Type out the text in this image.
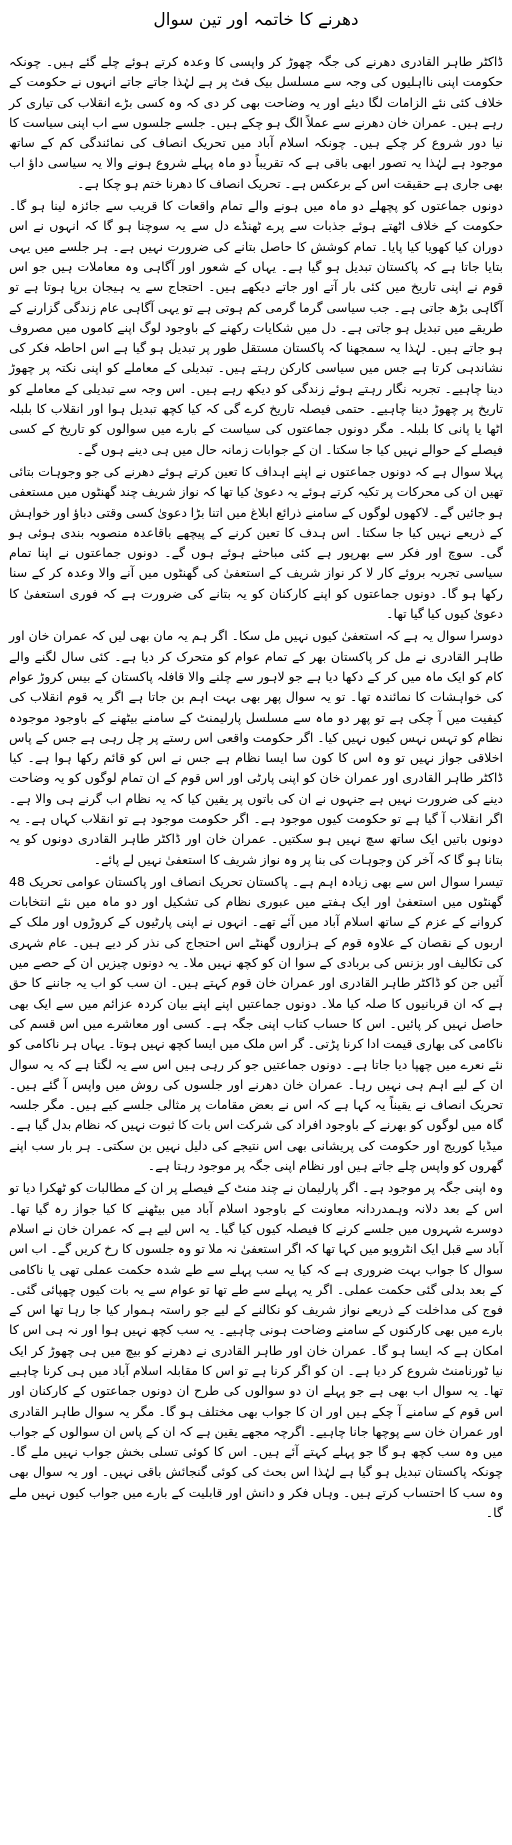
دھرنے کا خاتمہ اور تین سوال

ڈاکٹر طاہر القادری دھرنے کی جگہ چھوڑ کر واپسی کا وعدہ کرتے ہوئے چلے گئے ہیں۔ چونکہ حکومت اپنی نااہلیوں کی وجہ سے مسلسل بیک فٹ پر ہے لہٰذا جاتے جاتے انہوں نے حکومت کے خلاف کئی نئے الزامات لگا دیئے اور یہ وضاحت بھی کر دی کہ وہ کسی بڑے انقلاب کی تیاری کر رہے ہیں۔ عمران خان دھرنے سے عملاً الگ ہو چکے ہیں۔ جلسے جلسوں سے اب اپنی سیاست کا نیا دور شروع کر چکے ہیں۔ چونکہ اسلام آباد میں تحریک انصاف کی نمائندگی کم کے ساتھ موجود ہے لہٰذا یہ تصور ابھی باقی ہے کہ تقریباً دو ماہ پہلے شروع ہونے والا یہ سیاسی داؤ اب بھی جاری ہے حقیقت اس کے برعکس ہے۔ تحریک انصاف کا دھرنا ختم ہو چکا ہے۔

دونوں جماعتوں کو پچھلے دو ماہ میں ہونے والے تمام واقعات کا قریب سے جائزہ لینا ہو گا۔ حکومت کے خلاف اٹھتے ہوئے جذبات سے پرے ٹھنڈے دل سے یہ سوچنا ہو گا کہ انہوں نے اس دوران کیا کھویا کیا پایا۔ تمام کوشش کا حاصل بتانے کی ضرورت نہیں ہے۔ ہر جلسے میں یہی بتایا جاتا ہے کہ پاکستان تبدیل ہو گیا ہے۔ یہاں کے شعور اور آگاہی وہ معاملات ہیں جو اس قوم نے اپنی تاریخ میں کئی بار آتے اور جاتے دیکھے ہیں۔ احتجاج سے یہ ہیجان برپا ہوتا ہے تو آگاہی بڑھ جاتی ہے۔ جب سیاسی گرما گرمی کم ہوتی ہے تو یہی آگاہی عام زندگی گزارنے کے طریقے میں تبدیل ہو جاتی ہے۔ دل میں شکایات رکھنے کے باوجود لوگ اپنے کاموں میں مصروف ہو جاتے ہیں۔ لہٰذا یہ سمجھنا کہ پاکستان مستقل طور پر تبدیل ہو گیا ہے اس احاطہ فکر کی نشاندہی کرتا ہے جس میں سیاسی کارکن رہتے ہیں۔ تبدیلی کے معاملے کو اپنی نکتہ پر چھوڑ دینا چاہیے۔ تجربہ نگار رہتے ہوئے زندگی کو دیکھ رہے ہیں۔ اس وجہ سے تبدیلی کے معاملے کو تاریخ پر چھوڑ دینا چاہیے۔ حتمی فیصلہ تاریخ کرے گی کہ کیا کچھ تبدیل ہوا اور انقلاب کا بلبلہ اٹھا یا پانی کا بلبلہ۔ مگر دونوں جماعتوں کی سیاست کے بارے میں سوالوں کو تاریخ کے کسی فیصلے کے حوالے نہیں کیا جا سکتا۔ ان کے جوابات زمانہ حال میں ہی دینے ہوں گے۔

پہلا سوال ہے کہ دونوں جماعتوں نے اپنے اہداف کا تعین کرتے ہوئے دھرنے کی جو وجوہات بتائی تھیں ان کی محرکات پر تکیہ کرتے ہوئے یہ دعویٰ کیا تھا کہ نواز شریف چند گھنٹوں میں مستعفی ہو جائیں گے۔ لاکھوں لوگوں کے سامنے ذرائع ابلاغ میں اتنا بڑا دعویٰ کسی وقتی دباؤ اور خواہش کے ذریعے نہیں کیا جا سکتا۔ اس ہدف کا تعین کرنے کے پیچھے باقاعدہ منصوبہ بندی ہوئی ہو گی۔ سوچ اور فکر سے بھرپور ہے کئی مباحثے ہوئے ہوں گے۔ دونوں جماعتوں نے اپنا تمام سیاسی تجربہ بروئے کار لا کر نواز شریف کے استعفیٰ کی گھنٹوں میں آنے والا وعدہ کر کے سنا رکھا ہو گا۔ دونوں جماعتوں کو اپنے کارکنان کو یہ بتانے کی ضرورت ہے کہ فوری استعفیٰ کا دعویٰ کیوں کیا گیا تھا۔

دوسرا سوال یہ ہے کہ استعفیٰ کیوں نہیں مل سکا۔ اگر ہم یہ مان بھی لیں کہ عمران خان اور طاہر القادری نے مل کر پاکستان بھر کے تمام عوام کو متحرک کر دیا ہے۔ کئی سال لگنے والے کام کو ایک ماہ میں کر کے دکھا دیا ہے جو لاہور سے چلنے والا قافلہ پاکستان کے بیس کروڑ عوام کی خواہشات کا نمائندہ تھا۔ تو یہ سوال پھر بھی بہت اہم بن جاتا ہے اگر یہ قوم انقلاب کی کیفیت میں آ چکی ہے تو پھر دو ماہ سے مسلسل پارلیمنٹ کے سامنے بیٹھنے کے باوجود موجودہ نظام کو تہس نہس کیوں نہیں کیا۔ اگر حکومت واقعی اس رستے پر چل رہی ہے جس کے پاس اخلاقی جواز نہیں تو وہ اس کا کون سا ایسا نظام ہے جس نے اس کو قائم رکھا ہوا ہے۔ کیا ڈاکٹر طاہر القادری اور عمران خان کو اپنی پارٹی اور اس قوم کے ان تمام لوگوں کو یہ وضاحت دینے کی ضرورت نہیں ہے جنہوں نے ان کی باتوں پر یقین کیا کہ یہ نظام اب گرنے ہی والا ہے۔ اگر انقلاب آ گیا ہے تو حکومت کیوں موجود ہے۔ اگر حکومت موجود ہے تو انقلاب کہاں ہے۔ یہ دونوں باتیں ایک ساتھ سچ نہیں ہو سکتیں۔ عمران خان اور ڈاکٹر طاہر القادری دونوں کو یہ بتانا ہو گا کہ آخر کن وجوہات کی بنا پر وہ نواز شریف کا استعفیٰ نہیں لے پائے۔

تیسرا سوال اس سے بھی زیادہ اہم ہے۔ پاکستان تحریک انصاف اور پاکستان عوامی تحریک 48 گھنٹوں میں استعفیٰ اور ایک ہفتے میں عبوری نظام کی تشکیل اور دو ماہ میں نئے انتخابات کروانے کے عزم کے ساتھ اسلام آباد میں آئے تھے۔ انہوں نے اپنی پارٹیوں کے کروڑوں اور ملک کے اربوں کے نقصان کے علاوہ قوم کے ہزاروں گھنٹے اس احتجاج کی نذر کر دیے ہیں۔ عام شہری کی تکالیف اور بزنس کی بربادی کے سوا ان کو کچھ نہیں ملا۔ یہ دونوں چیزیں ان کے حصے میں آئیں جن کو ڈاکٹر طاہر القادری اور عمران خان قوم کہتے ہیں۔ ان سب کو اب یہ جاننے کا حق ہے کہ ان قربانیوں کا صلہ کیا ملا۔ دونوں جماعتیں اپنے اپنے بیان کردہ عزائم میں سے ایک بھی حاصل نہیں کر پائیں۔ اس کا حساب کتاب اپنی جگہ ہے۔ کسی اور معاشرے میں اس قسم کی ناکامی کی بھاری قیمت ادا کرنا پڑتی۔ گر اس ملک میں ایسا کچھ نہیں ہوتا۔ یہاں ہر ناکامی کو نئے نعرے میں چھپا دیا جاتا ہے۔ دونوں جماعتیں جو کر رہی ہیں اس سے یہ لگتا ہے کہ یہ سوال ان کے لیے اہم ہی نہیں رہا۔ عمران خان دھرنے اور جلسوں کی روش میں واپس آ گئے ہیں۔ تحریک انصاف نے یقیناً یہ کہا ہے کہ اس نے بعض مقامات پر مثالی جلسے کیے ہیں۔ مگر جلسہ گاہ میں لوگوں کو بھرنے کے باوجود افراد کی شرکت اس بات کا ثبوت نہیں کہ نظام بدل گیا ہے۔ میڈیا کوریج اور حکومت کی پریشانی بھی اس نتیجے کی دلیل نہیں بن سکتی۔ ہر بار سب اپنے گھروں کو واپس چلے جاتے ہیں اور نظام اپنی جگہ پر موجود رہتا ہے۔

وہ اپنی جگہ پر موجود ہے۔ اگر پارلیمان نے چند منٹ کے فیصلے پر ان کے مطالبات کو ٹھکرا دیا تو اس کے بعد دلانہ وہمدردانہ معاونت کے باوجود اسلام آباد میں بیٹھنے کا کیا جواز رہ گیا تھا۔ دوسرے شہروں میں جلسے کرنے کا فیصلہ کیوں کیا گیا۔ یہ اس لیے ہے کہ عمران خان نے اسلام آباد سے قبل ایک انٹرویو میں کہا تھا کہ اگر استعفیٰ نہ ملا تو وہ جلسوں کا رخ کریں گے۔ اب اس سوال کا جواب بہت ضروری ہے کہ کیا یہ سب پہلے سے طے شدہ حکمت عملی تھی یا ناکامی کے بعد بدلی گئی حکمت عملی۔ اگر یہ پہلے سے طے تھا تو عوام سے یہ بات کیوں چھپائی گئی۔ فوج کی مداخلت کے ذریعے نواز شریف کو نکالنے کے لیے جو راستہ ہموار کیا جا رہا تھا اس کے بارے میں بھی کارکنوں کے سامنے وضاحت ہونی چاہیے۔ یہ سب کچھ نہیں ہوا اور نہ ہی اس کا امکان ہے کہ ایسا ہو گا۔ عمران خان اور طاہر القادری نے دھرنے کو بیچ میں ہی چھوڑ کر ایک نیا ٹورنامنٹ شروع کر دیا ہے۔ ان کو اگر کرنا ہے تو اس کا مقابلہ اسلام آباد میں ہی کرنا چاہیے تھا۔ یہ سوال اب بھی ہے جو پہلے ان دو سوالوں کی طرح ان دونوں جماعتوں کے کارکنان اور اس قوم کے سامنے آ چکے ہیں اور ان کا جواب بھی مختلف ہو گا۔ مگر یہ سوال طاہر القادری اور عمران خان سے پوچھا جانا چاہیے۔ اگرچہ مجھے یقین ہے کہ ان کے پاس ان سوالوں کے جواب میں وہ سب کچھ ہو گا جو پہلے کہتے آئے ہیں۔ اس کا کوئی تسلی بخش جواب نہیں ملے گا۔ چونکہ پاکستان تبدیل ہو گیا ہے لہٰذا اس بحث کی کوئی گنجائش باقی نہیں۔ اور یہ سوال بھی وہ سب کا احتساب کرتے ہیں۔ وہاں فکر و دانش اور قابلیت کے بارے میں جواب کیوں نہیں ملے گا۔
